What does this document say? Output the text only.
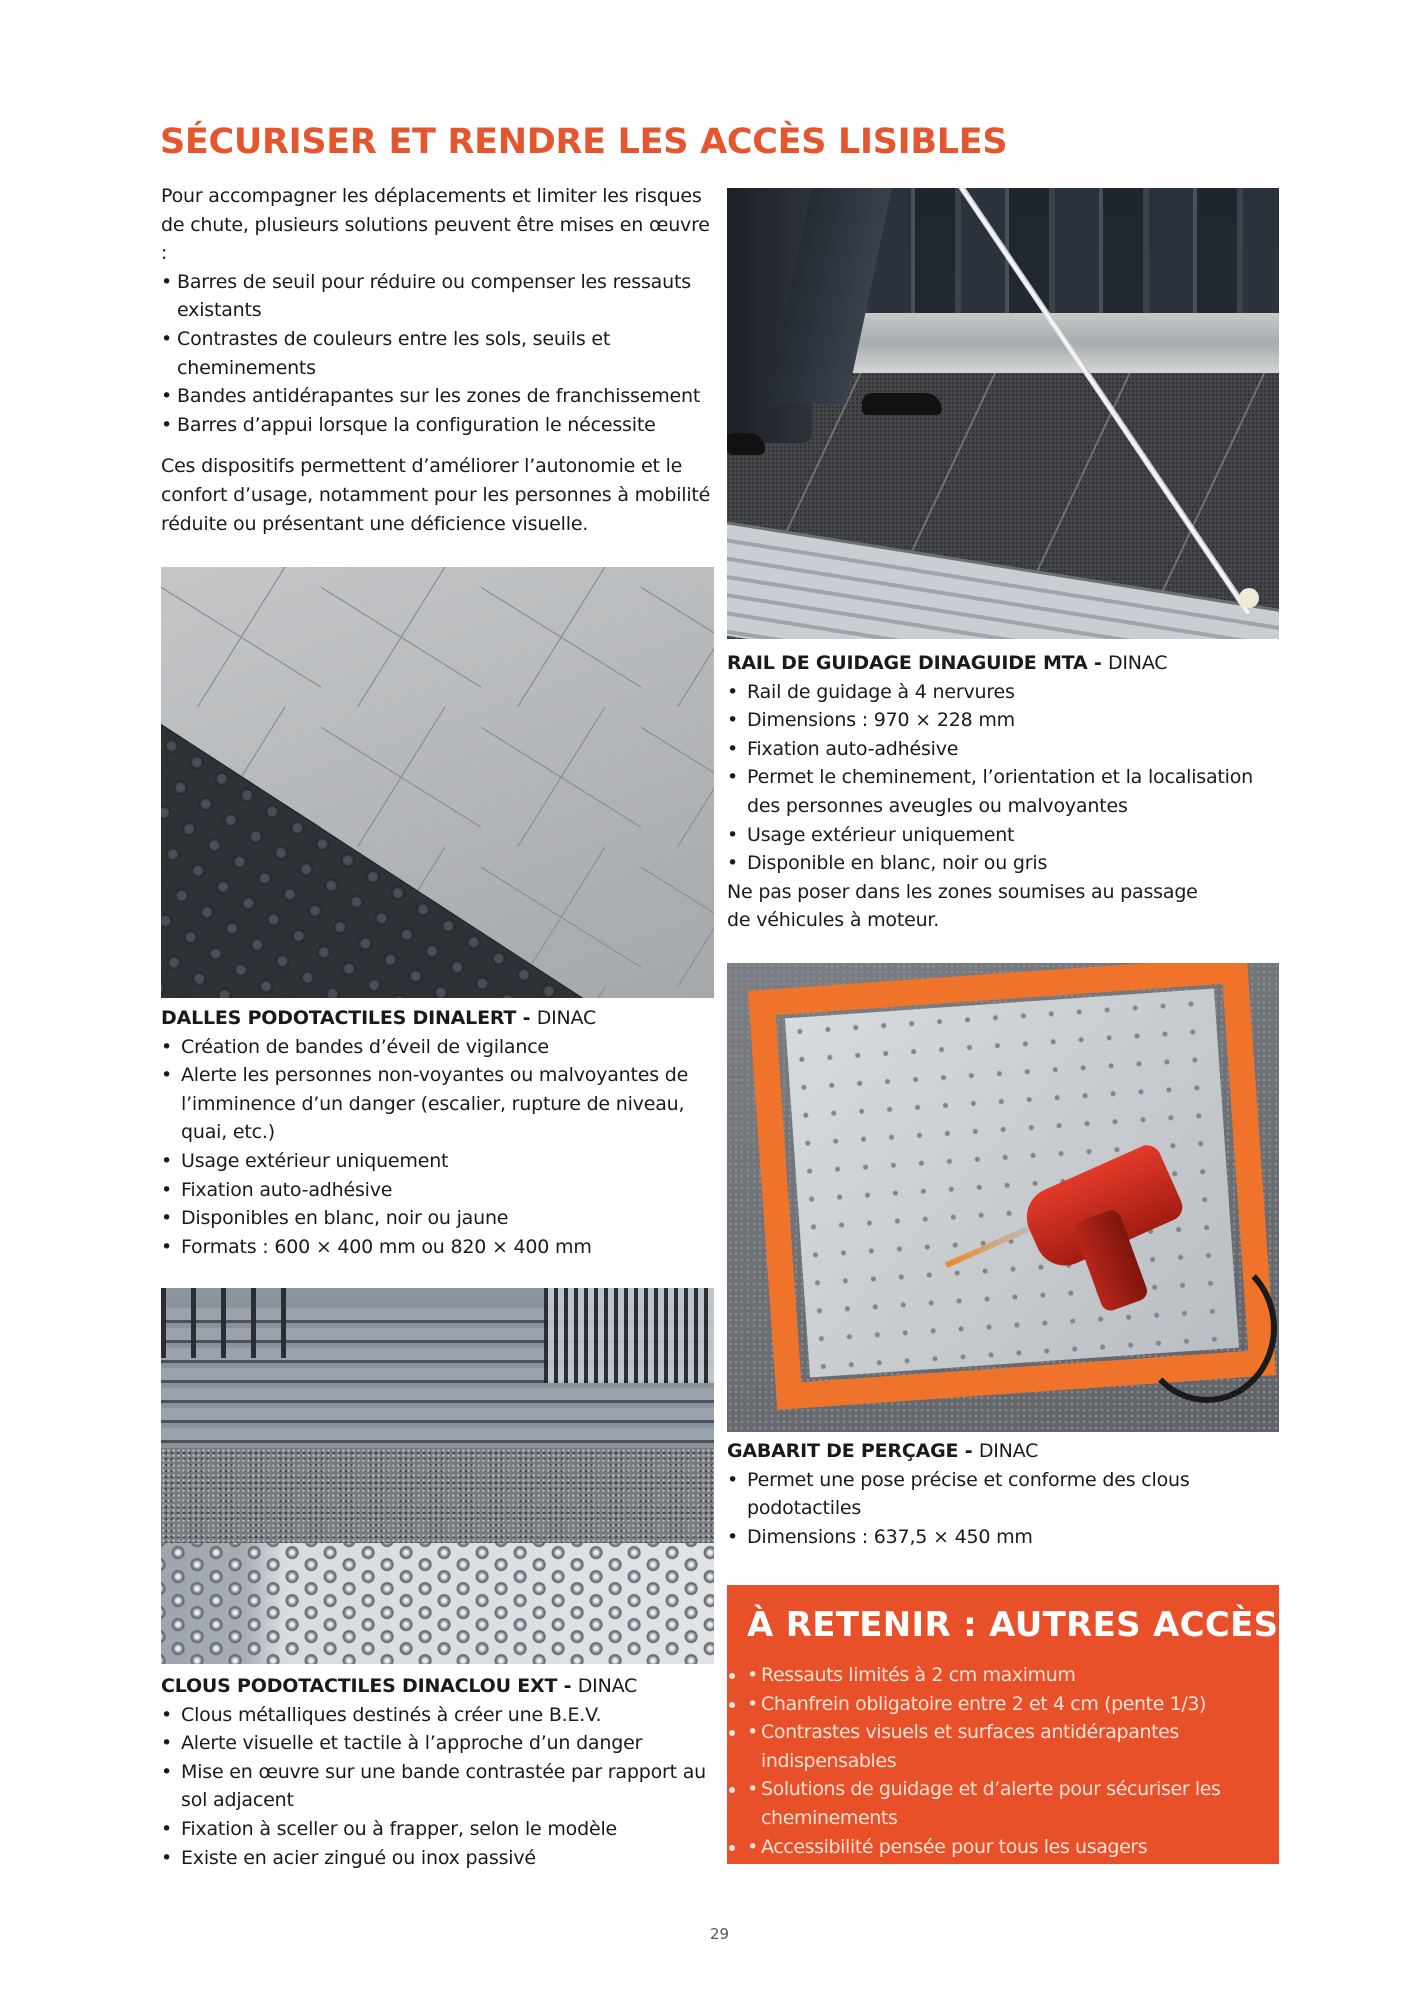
SÉCURISER ET RENDRE LES ACCÈS LISIBLES

Pour accompagner les déplacements et limiter les risques de chute, plusieurs solutions peuvent être mises en œuvre :

• Barres de seuil pour réduire ou compenser les ressauts existants
• Contrastes de couleurs entre les sols, seuils et cheminements
• Bandes antidérapantes sur les zones de franchissement
• Barres d’appui lorsque la configuration le nécessite

Ces dispositifs permettent d’améliorer l’autonomie et le confort d’usage, notamment pour les personnes à mobilité réduite ou présentant une déficience visuelle.

RAIL DE GUIDAGE DINAGUIDE MTA - DINAC
• Rail de guidage à 4 nervures
• Dimensions : 970 × 228 mm
• Fixation auto-adhésive
• Permet le cheminement, l’orientation et la localisation des personnes aveugles ou malvoyantes
• Usage extérieur uniquement
• Disponible en blanc, noir ou gris

Ne pas poser dans les zones soumises au passage

de véhicules à moteur.

DALLES PODOTACTILES DINALERT - DINAC
• Création de bandes d’éveil de vigilance
• Alerte les personnes non-voyantes ou malvoyantes de l’imminence d’un danger (escalier, rupture de niveau, quai, etc.)
• Usage extérieur uniquement
• Fixation auto-adhésive
• Disponibles en blanc, noir ou jaune
• Formats : 600 × 400 mm ou 820 × 400 mm
GABARIT DE PERÇAGE - DINAC
• Permet une pose précise et conforme des clous podotactiles
• Dimensions : 637,5 × 450 mm
CLOUS PODOTACTILES DINACLOU EXT - DINAC
• Clous métalliques destinés à créer une B.E.V.
• Alerte visuelle et tactile à l’approche d’un danger
• Mise en œuvre sur une bande contrastée par rapport au sol adjacent
• Fixation à sceller ou à frapper, selon le modèle
• Existe en acier zingué ou inox passivé
À RETENIR : AUTRES ACCÈS
• • Ressauts limités à 2 cm maximum
• • Chanfrein obligatoire entre 2 et 4 cm (pente 1/3)
• • Contrastes visuels et surfaces antidérapantes indispensables
• • Solutions de guidage et d’alerte pour sécuriser les cheminements
• • Accessibilité pensée pour tous les usagers
29
